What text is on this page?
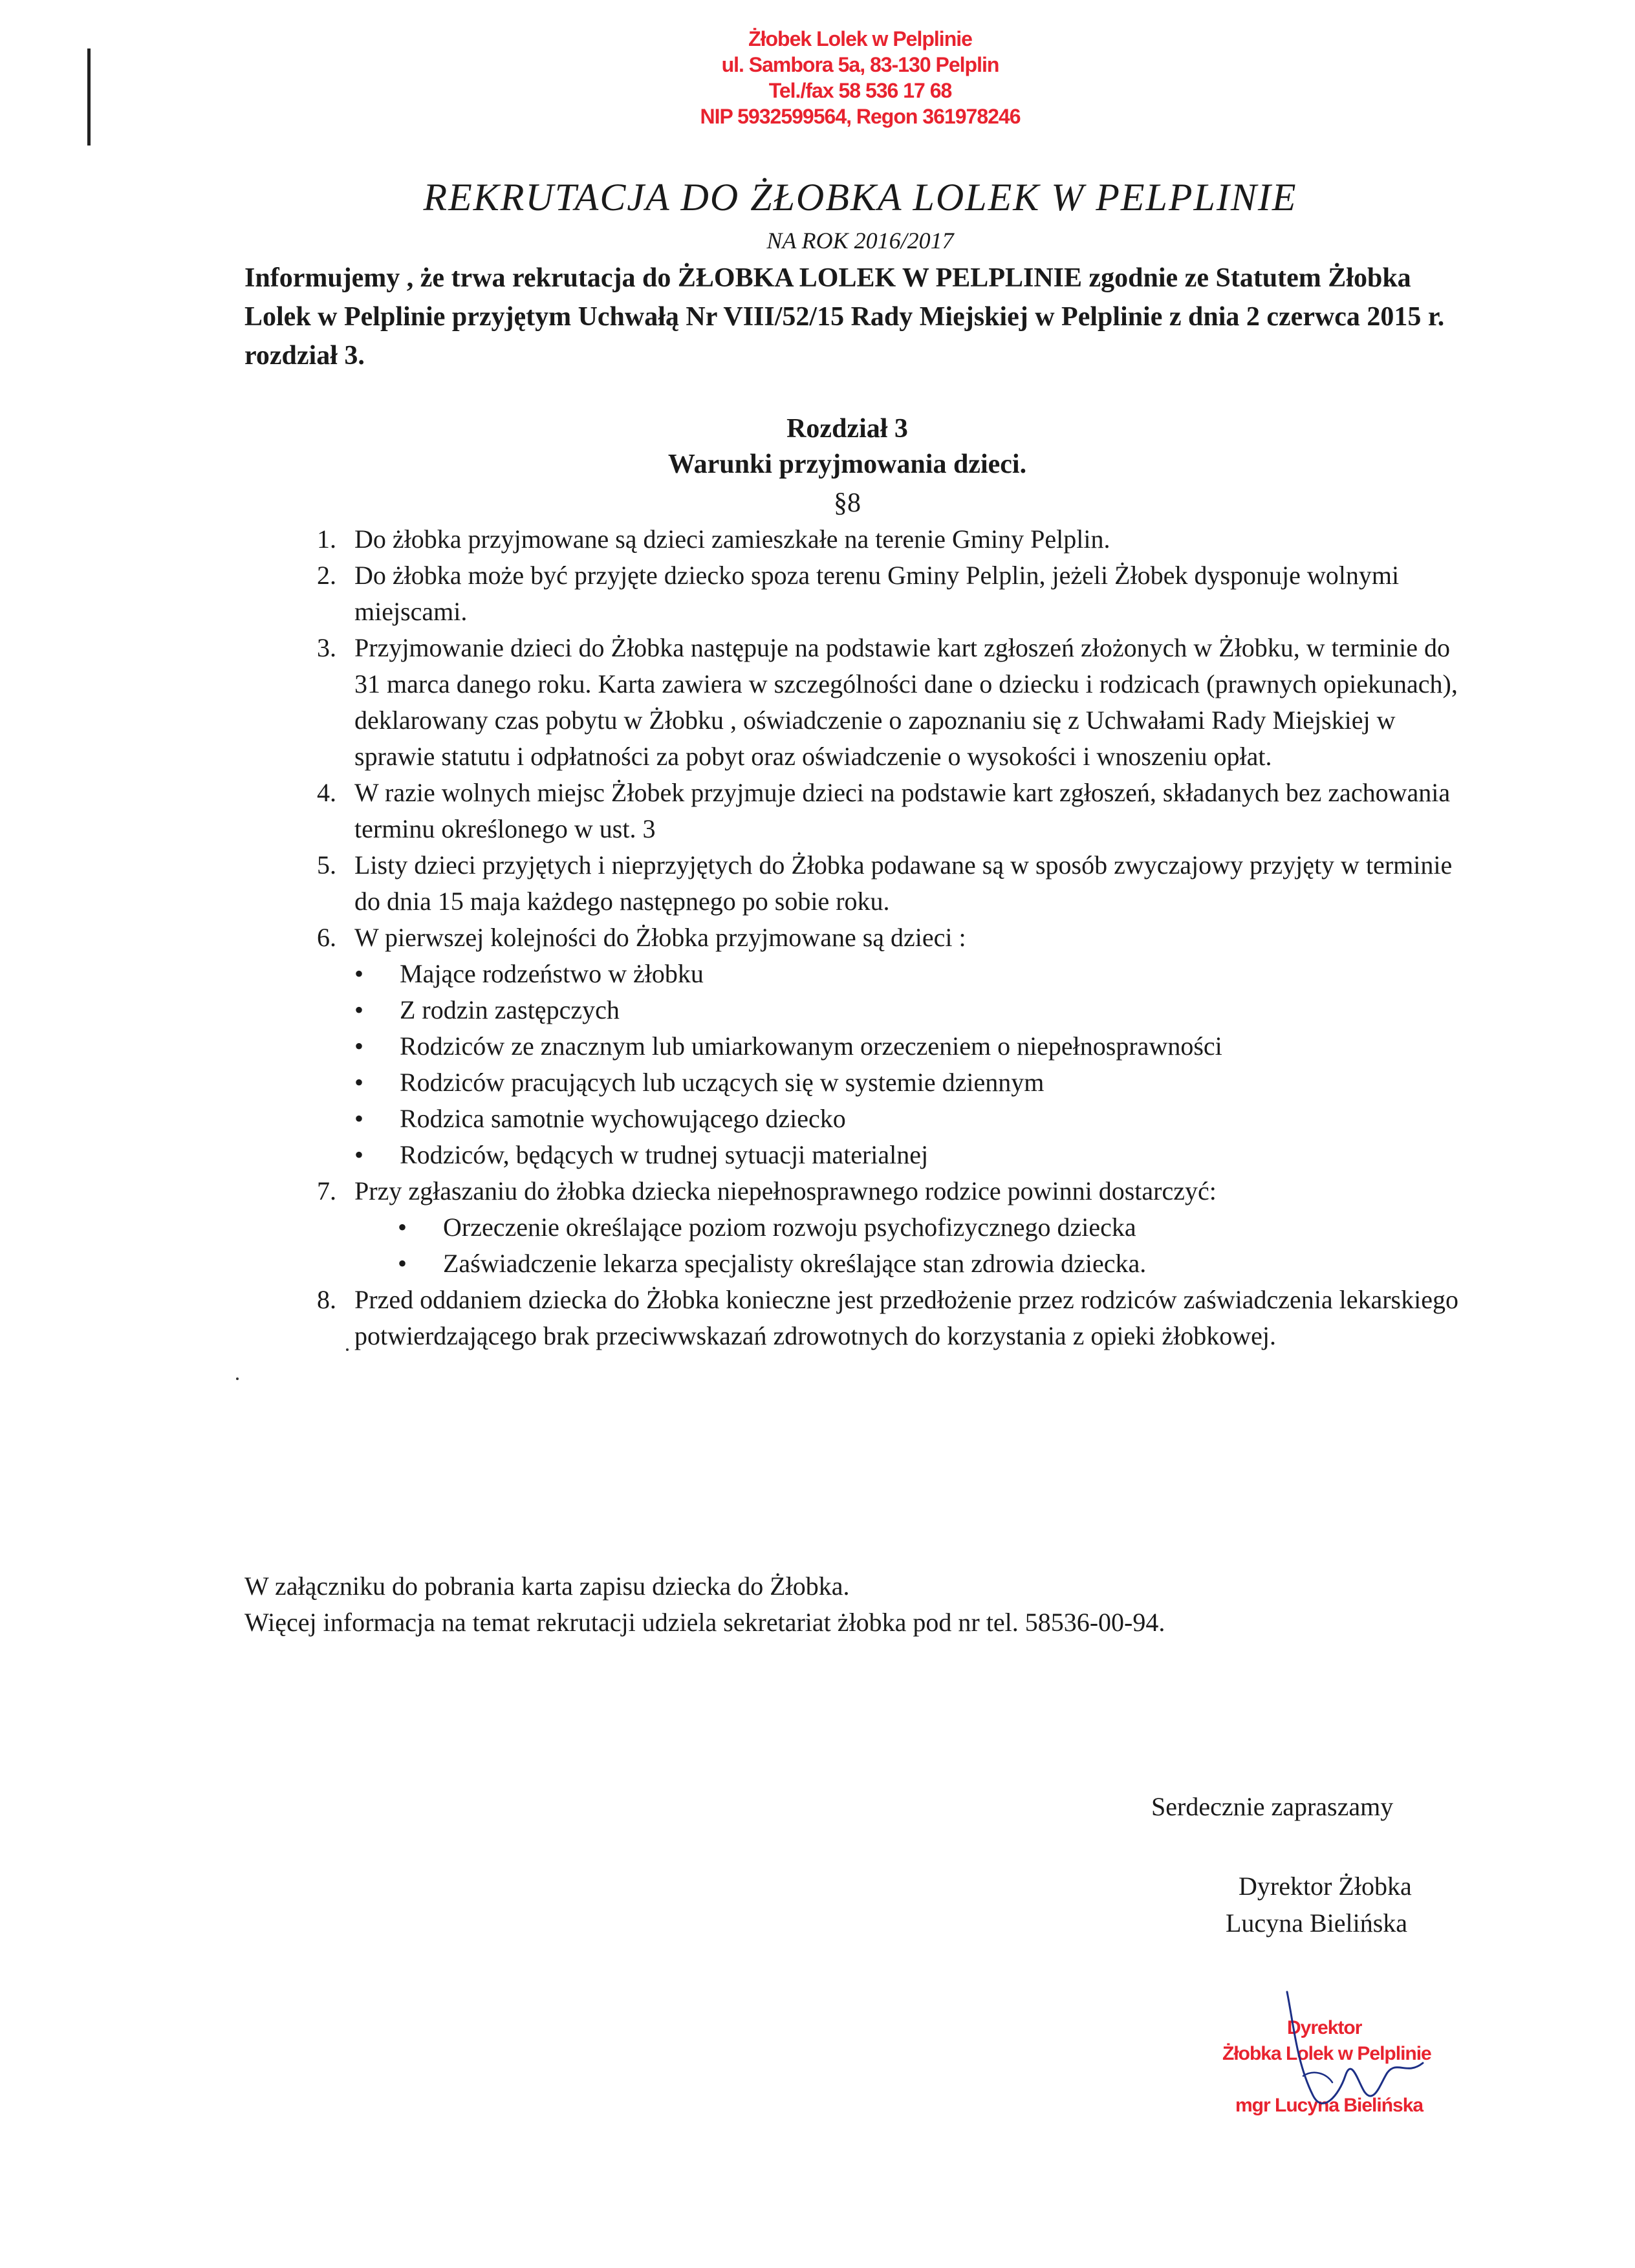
Żłobek Lolek w Pelplinie
ul. Sambora 5a, 83-130 Pelplin
Tel./fax 58 536 17 68
NIP 5932599564, Regon 361978246
REKRUTACJA DO ŻŁOBKA LOLEK W PELPLINIE
NA ROK 2016/2017
Informujemy , że trwa rekrutacja do ŻŁOBKA LOLEK W PELPLINIE zgodnie ze Statutem Żłobka Lolek w Pelplinie przyjętym Uchwałą Nr VIII/52/15 Rady Miejskiej w Pelplinie z dnia 2 czerwca 2015 r. rozdział 3.
Rozdział 3
Warunki przyjmowania dzieci.
§8
1. Do żłobka przyjmowane są dzieci zamieszkałe na terenie Gminy Pelplin.
2. Do żłobka może być przyjęte dziecko spoza terenu Gminy Pelplin, jeżeli Żłobek dysponuje wolnymi miejscami.
3. Przyjmowanie dzieci do Żłobka następuje na podstawie kart zgłoszeń złożonych w Żłobku, w terminie do 31 marca danego roku. Karta zawiera w szczególności dane o dziecku i rodzicach (prawnych opiekunach), deklarowany czas pobytu w Żłobku , oświadczenie o zapoznaniu się z Uchwałami Rady Miejskiej w sprawie statutu i odpłatności za pobyt oraz oświadczenie o wysokości i wnoszeniu opłat.
4. W razie wolnych miejsc Żłobek przyjmuje dzieci na podstawie kart zgłoszeń, składanych bez zachowania terminu określonego w ust. 3
5. Listy dzieci przyjętych i nieprzyjętych do Żłobka podawane są w sposób zwyczajowy przyjęty w terminie do dnia 15 maja każdego następnego po sobie roku.
6. W pierwszej kolejności do Żłobka przyjmowane są dzieci :
•	Mające rodzeństwo w żłobku
•	Z rodzin zastępczych
•	Rodziców ze znacznym lub umiarkowanym orzeczeniem o niepełnosprawności
•	Rodziców pracujących lub uczących się w systemie dziennym
•	Rodzica samotnie wychowującego dziecko
•	Rodziców, będących w trudnej sytuacji materialnej
7. Przy zgłaszaniu do żłobka dziecka niepełnosprawnego rodzice powinni dostarczyć:
•	Orzeczenie określające poziom rozwoju psychofizycznego dziecka
•	Zaświadczenie lekarza specjalisty określające stan zdrowia dziecka.
8. Przed oddaniem dziecka do Żłobka konieczne jest przedłożenie przez rodziców zaświadczenia lekarskiego potwierdzającego brak przeciwwskazań zdrowotnych do korzystania z opieki żłobkowej.
W załączniku do pobrania karta zapisu dziecka do Żłobka.
Więcej informacja na temat rekrutacji udziela sekretariat żłobka pod nr tel. 58536-00-94.
Serdecznie zapraszamy
Dyrektor Żłobka
Lucyna Bielińska
Dyrektor
Żłobka Lolek w Pelplinie
mgr Lucyna Bielińska
